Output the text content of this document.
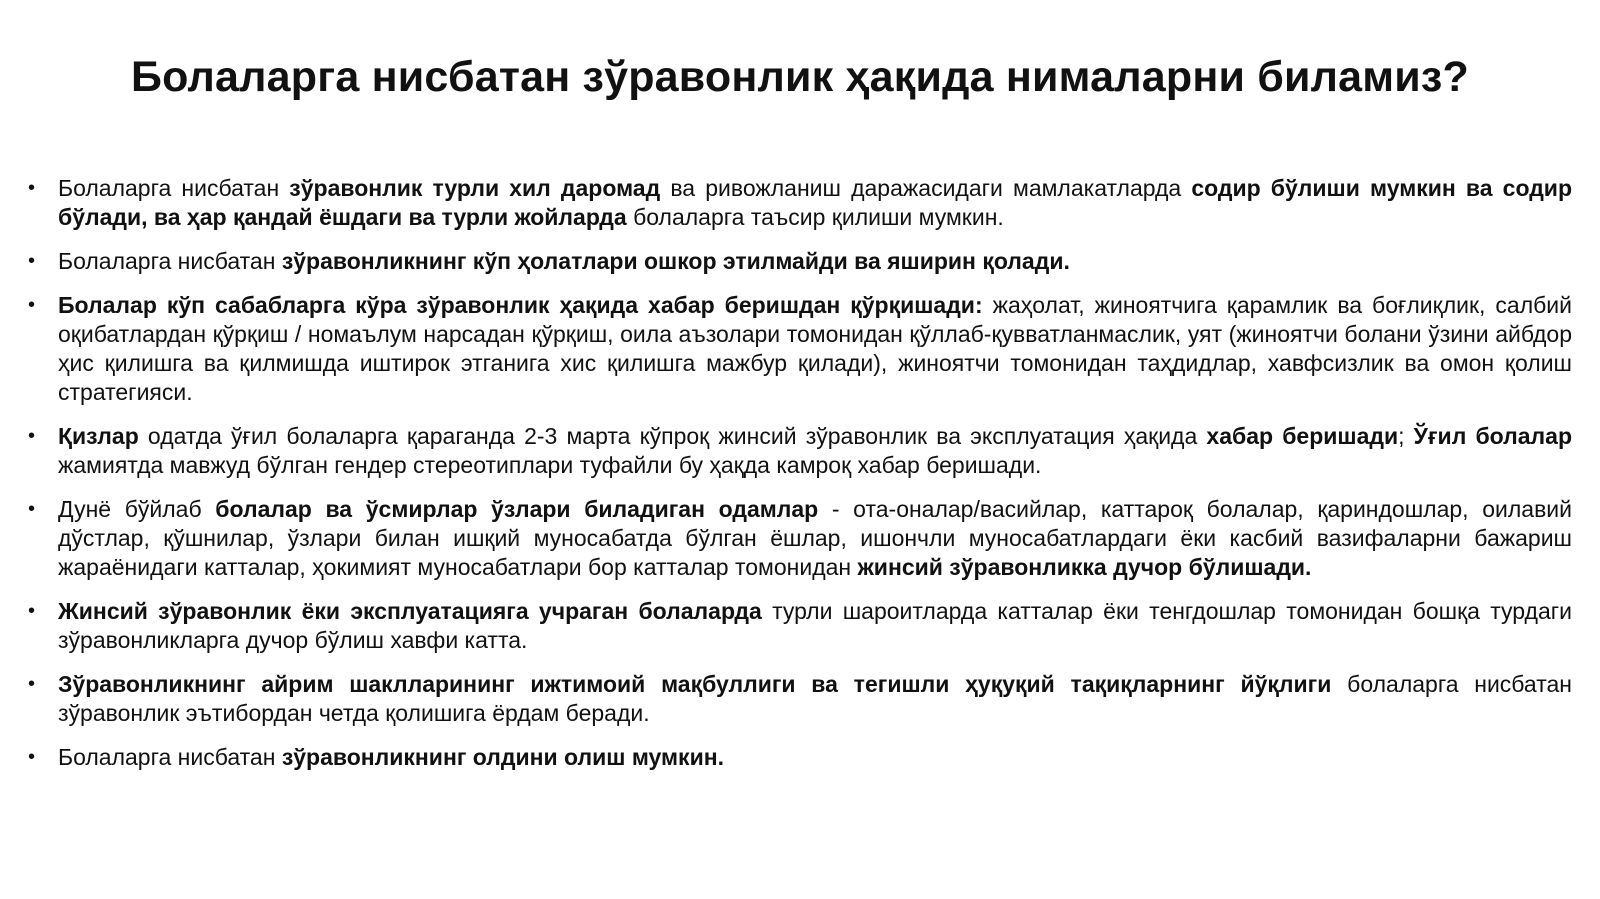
Болаларга нисбатан зўравонлик ҳақида нималарни биламиз?
• Болаларга нисбатан зўравонлик турли хил даромад ва ривожланиш даражасидаги мамлакатларда содир бўлиши мумкин ва содир бўлади, ва ҳар қандай ёшдаги ва турли жойларда болаларга таъсир қилиши мумкин.
• Болаларга нисбатан зўравонликнинг кўп ҳолатлари ошкор этилмайди ва яширин қолади.
• Болалар кўп сабабларга кўра зўравонлик ҳақида хабар беришдан қўрқишади: жаҳолат, жиноятчига қарамлик ва боғлиқлик, салбий оқибатлардан қўрқиш / номаълум нарсадан қўрқиш, оила аъзолари томонидан қўллаб-қувватланмаслик, уят (жиноятчи болани ўзини айбдор ҳис қилишга ва қилмишда иштирок этганига хис қилишга мажбур қилади), жиноятчи томонидан таҳдидлар, хавфсизлик ва омон қолиш стратегияси.
• Қизлар одатда ўғил болаларга қараганда 2-3 марта кўпроқ жинсий зўравонлик ва эксплуатация ҳақида хабар беришади; Ўғил болалар жамиятда мавжуд бўлган гендер стереотиплари туфайли бу ҳақда камроқ хабар беришади.
• Дунё бўйлаб болалар ва ўсмирлар ўзлари биладиган одамлар - ота-оналар/васийлар, каттароқ болалар, қариндошлар, оилавий дўстлар, қўшнилар, ўзлари билан ишқий муносабатда бўлган ёшлар, ишончли муносабатлардаги ёки касбий вазифаларни бажариш жараёнидаги катталар, ҳокимият муносабатлари бор катталар томонидан жинсий зўравонликка дучор бўлишади.
• Жинсий зўравонлик ёки эксплуатацияга учраган болаларда турли шароитларда катталар ёки тенгдошлар томонидан бошқа турдаги зўравонликларга дучор бўлиш хавфи катта.
• Зўравонликнинг айрим шаклларининг ижтимоий мақбуллиги ва тегишли ҳуқуқий тақиқларнинг йўқлиги болаларга нисбатан зўравонлик эътибордан четда қолишига ёрдам беради.
• Болаларга нисбатан зўравонликнинг олдини олиш мумкин.
